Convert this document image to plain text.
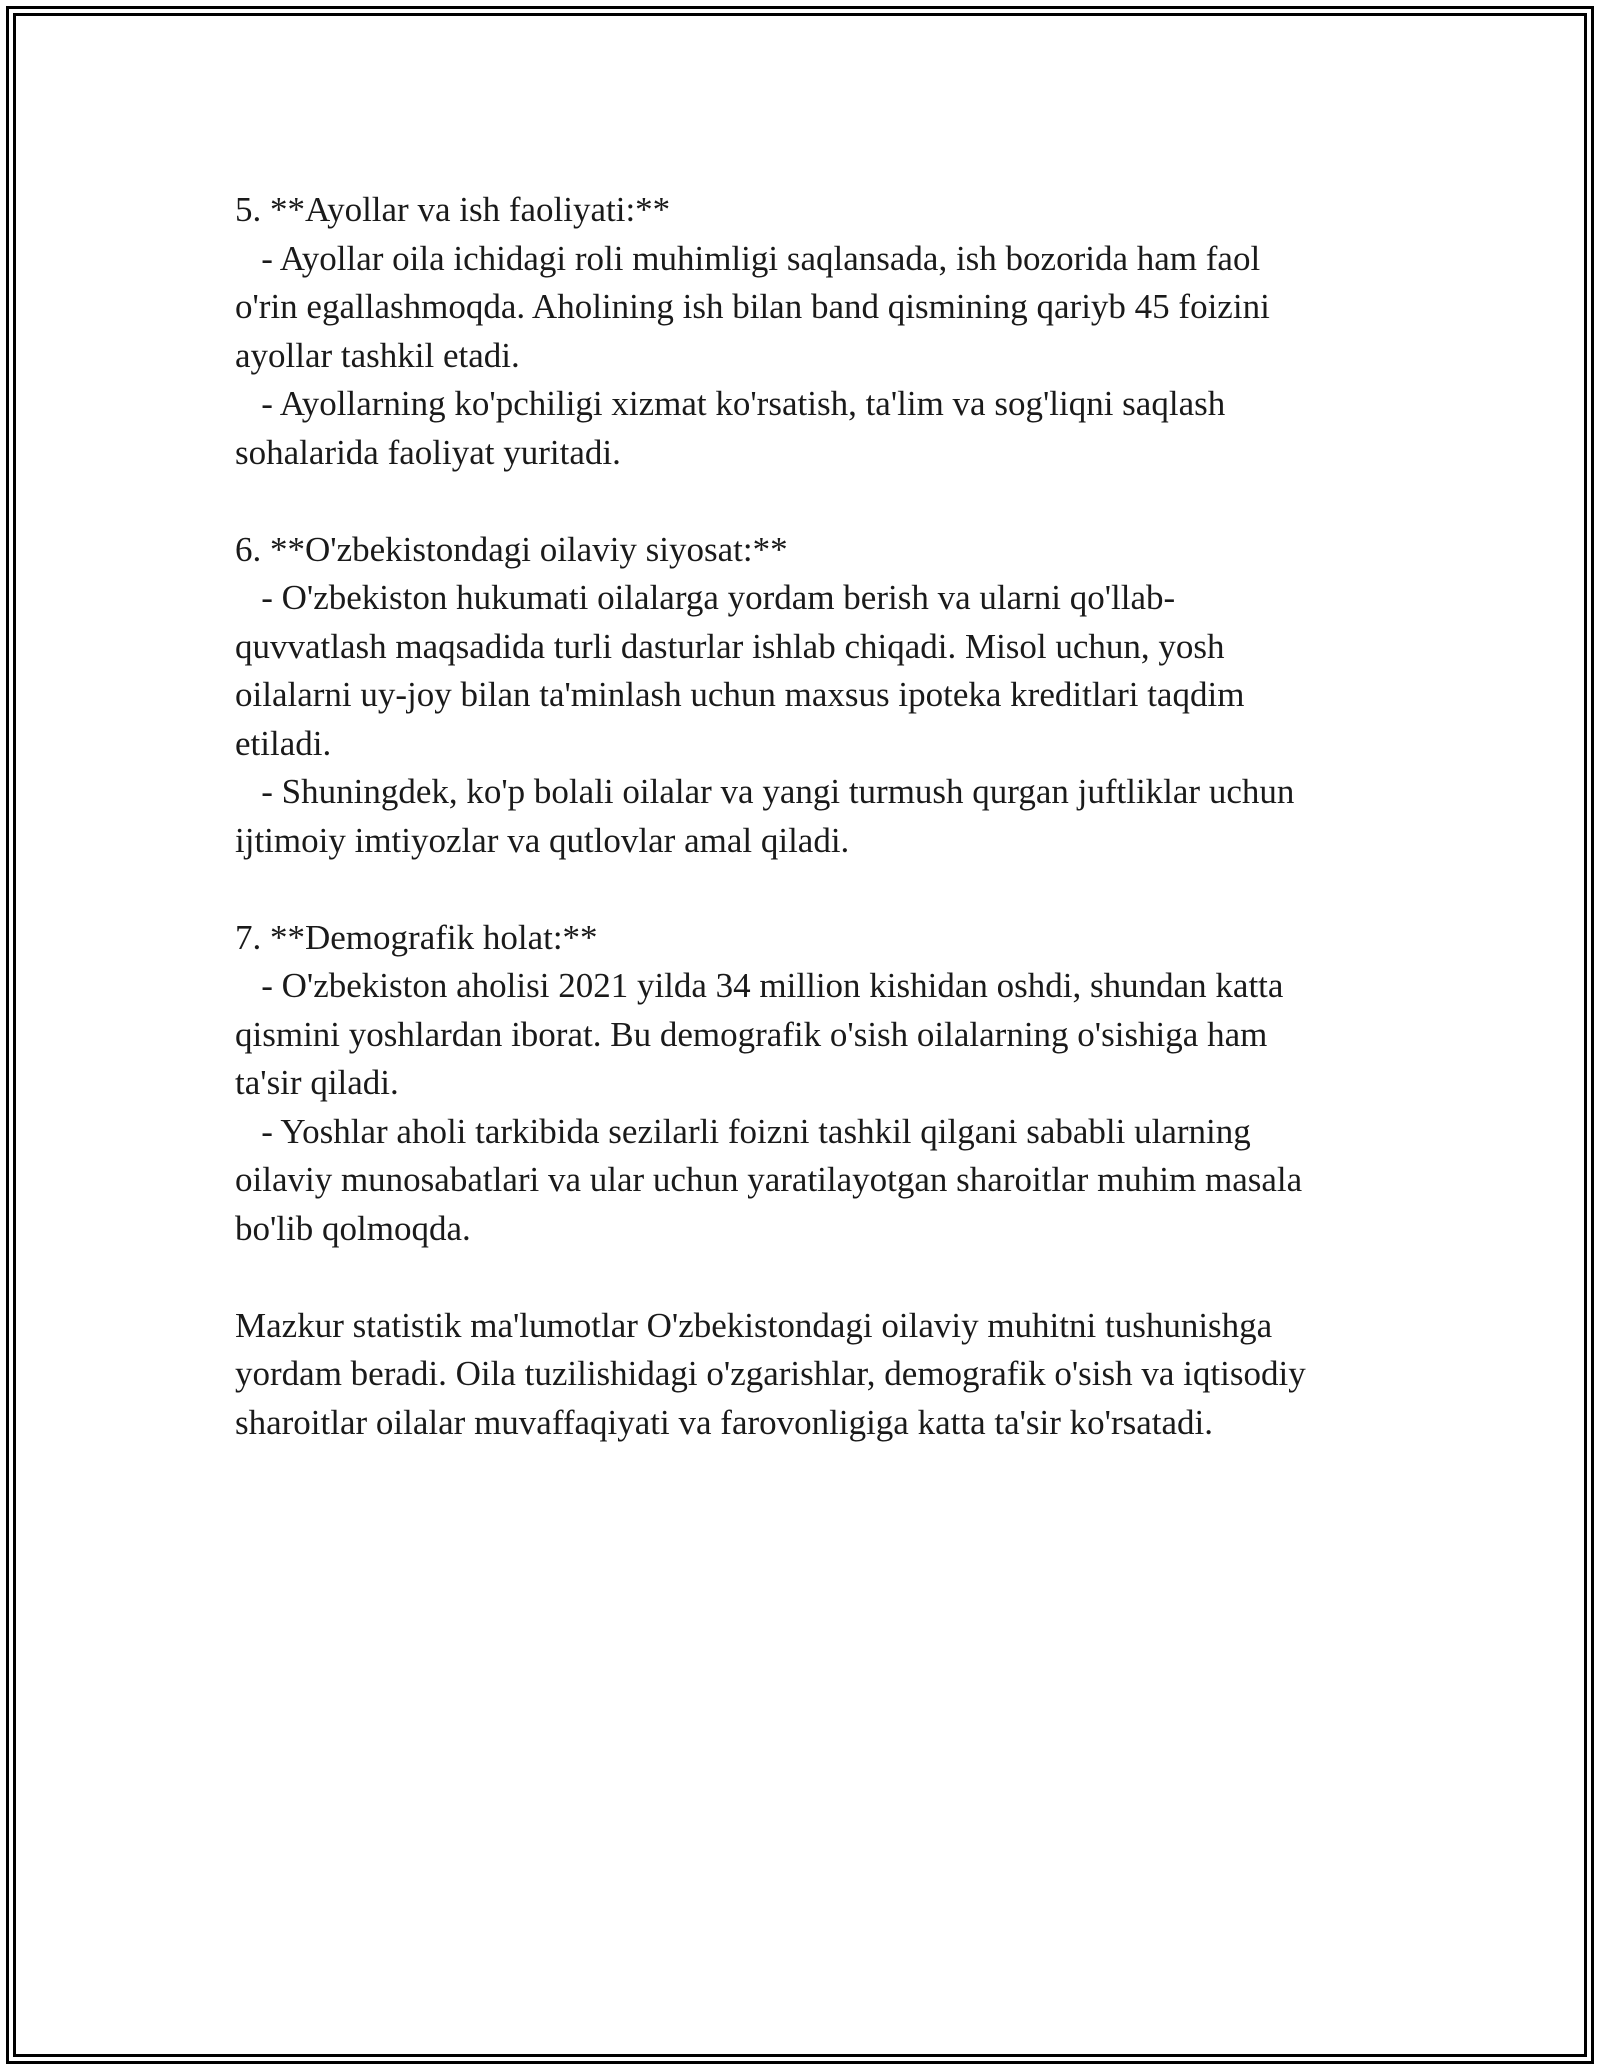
5. **Ayollar va ish faoliyati:**

- Ayollar oila ichidagi roli muhimligi saqlansada, ish bozorida ham faol
o'rin egallashmoqda. Aholining ish bilan band qismining qariyb 45 foizini
ayollar tashkil etadi.

- Ayollarning ko'pchiligi xizmat ko'rsatish, ta'lim va sog'liqni saqlash
sohalarida faoliyat yuritadi.

6. **O'zbekistondagi oilaviy siyosat:**

- O'zbekiston hukumati oilalarga yordam berish va ularni qo'llab-
quvvatlash maqsadida turli dasturlar ishlab chiqadi. Misol uchun, yosh
oilalarni uy-joy bilan ta'minlash uchun maxsus ipoteka kreditlari taqdim
etiladi.

- Shuningdek, ko'p bolali oilalar va yangi turmush qurgan juftliklar uchun
ijtimoiy imtiyozlar va qutlovlar amal qiladi.

7. **Demografik holat:**

- O'zbekiston aholisi 2021 yilda 34 million kishidan oshdi, shundan katta
qismini yoshlardan iborat. Bu demografik o'sish oilalarning o'sishiga ham
ta'sir qiladi.

- Yoshlar aholi tarkibida sezilarli foizni tashkil qilgani sababli ularning
oilaviy munosabatlari va ular uchun yaratilayotgan sharoitlar muhim masala
bo'lib qolmoqda.

Mazkur statistik ma'lumotlar O'zbekistondagi oilaviy muhitni tushunishga
yordam beradi. Oila tuzilishidagi o'zgarishlar, demografik o'sish va iqtisodiy
sharoitlar oilalar muvaffaqiyati va farovonligiga katta ta'sir ko'rsatadi.
